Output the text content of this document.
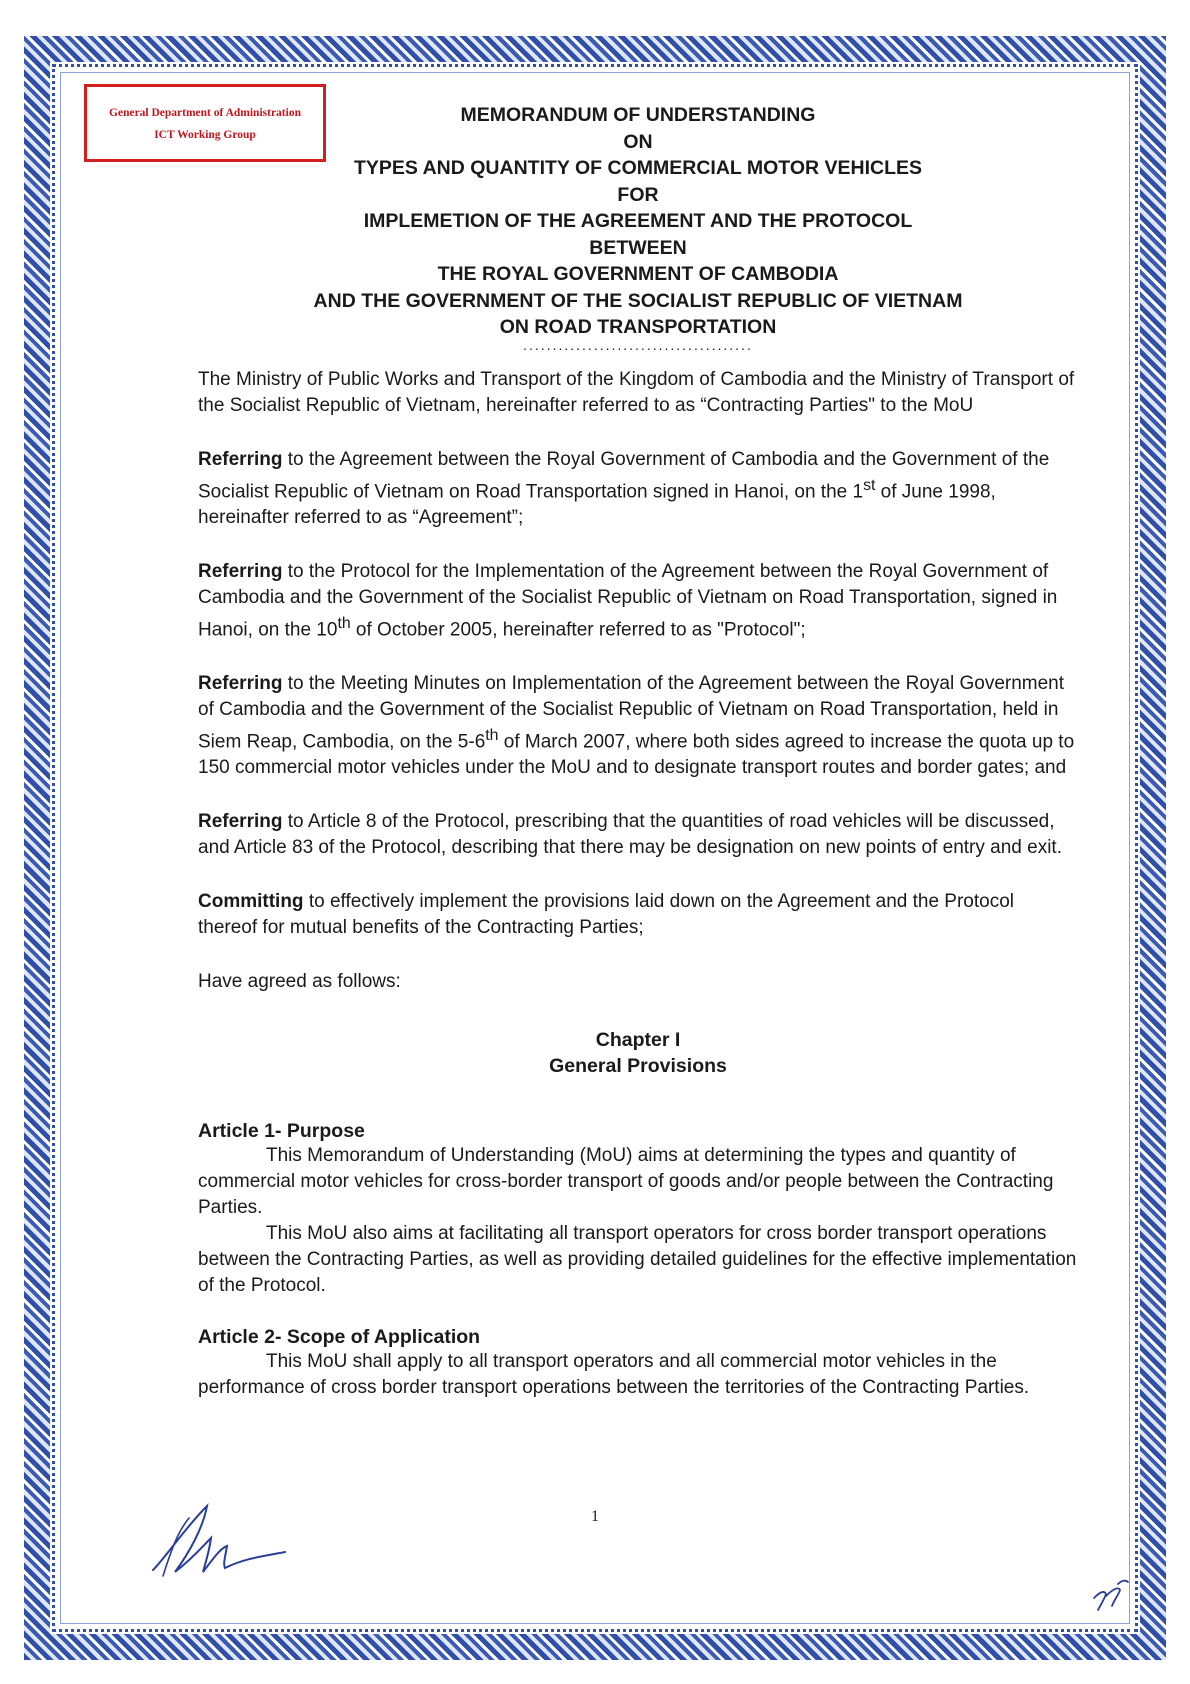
General Department of Administration
ICT Working Group

MEMORANDUM OF UNDERSTANDING

ON

TYPES AND QUANTITY OF COMMERCIAL MOTOR VEHICLES

FOR

IMPLEMETION OF THE AGREEMENT AND THE PROTOCOL

BETWEEN

THE ROYAL GOVERNMENT OF CAMBODIA

AND THE GOVERNMENT OF THE SOCIALIST REPUBLIC OF VIETNAM

ON ROAD TRANSPORTATION

.......................................

The Ministry of Public Works and Transport of the Kingdom of Cambodia and the Ministry of Transport of the Socialist Republic of Vietnam, hereinafter referred to as “Contracting Parties" to the MoU

Referring to the Agreement between the Royal Government of Cambodia and the Government of the Socialist Republic of Vietnam on Road Transportation signed in Hanoi, on the 1st of June 1998, hereinafter referred to as “Agreement”;

Referring to the Protocol for the Implementation of the Agreement between the Royal Government of Cambodia and the Government of the Socialist Republic of Vietnam on Road Transportation, signed in Hanoi, on the 10th of October 2005, hereinafter referred to as "Protocol";

Referring to the Meeting Minutes on Implementation of the Agreement between the Royal Government of Cambodia and the Government of the Socialist Republic of Vietnam on Road Transportation, held in Siem Reap, Cambodia, on the 5-6th of March 2007, where both sides agreed to increase the quota up to 150 commercial motor vehicles under the MoU and to designate transport routes and border gates; and

Referring to Article 8 of the Protocol, prescribing that the quantities of road vehicles will be discussed, and Article 83 of the Protocol, describing that there may be designation on new points of entry and exit.

Committing to effectively implement the provisions laid down on the Agreement and the Protocol thereof for mutual benefits of the Contracting Parties;

Have agreed as follows:

Chapter I
General Provisions
Article 1- Purpose

This Memorandum of Understanding (MoU) aims at determining the types and quantity of commercial motor vehicles for cross-border transport of goods and/or people between the Contracting Parties.

This MoU also aims at facilitating all transport operators for cross border transport operations between the Contracting Parties, as well as providing detailed guidelines for the effective implementation of the Protocol.

Article 2- Scope of Application

This MoU shall apply to all transport operators and all commercial motor vehicles in the performance of cross border transport operations between the territories of the Contracting Parties.

1
